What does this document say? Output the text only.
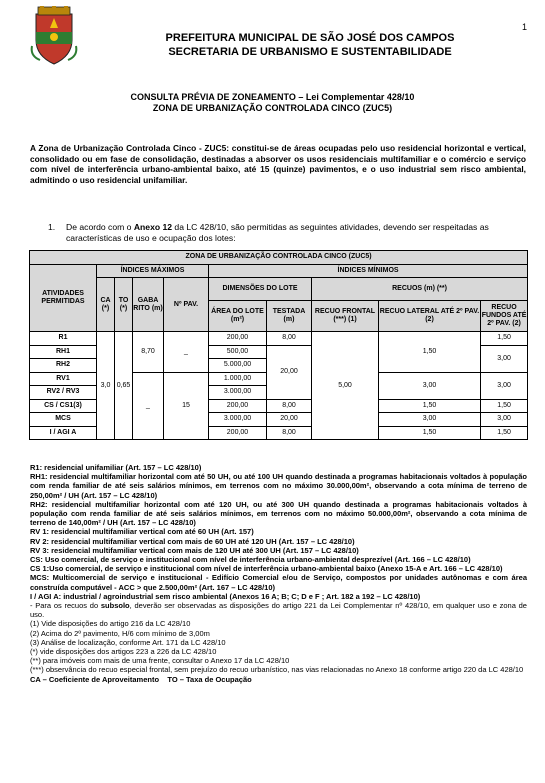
1
PREFEITURA MUNICIPAL DE SÃO JOSÉ DOS CAMPOS
SECRETARIA DE URBANISMO E SUSTENTABILIDADE
CONSULTA PRÉVIA DE ZONEAMENTO – Lei Complementar 428/10
ZONA DE URBANIZAÇÃO CONTROLADA CINCO (ZUC5)
A Zona de Urbanização Controlada Cinco - ZUC5: constitui-se de áreas ocupadas pelo uso residencial horizontal e vertical, consolidado ou em fase de consolidação, destinadas a absorver os usos residenciais multifamiliar e o comércio e serviço com nível de interferência urbano-ambiental baixo, até 15 (quinze) pavimentos, e o uso industrial sem risco ambiental, admitindo o uso residencial unifamiliar.
1. De acordo com o Anexo 12 da LC 428/10, são permitidas as seguintes atividades, devendo ser respeitadas as características de uso e ocupação dos lotes:
ZONA DE URBANIZAÇÃO CONTROLADA CINCO (ZUC5)									
ATIVIDADES PERMITIDAS	ÍNDICES MÁXIMOS				ÍNDICES MÍNIMOS				
	CA (*)	TO (*)	GABA RITO (m)	Nº PAV.	DIMENSÕES DO LOTE		RECUOS (m) (**)		
							RECUO FRONTAL (***) (1)	RECUO LATERAL ATÉ 2º PAV. (2)	RECUO FUNDOS ATÉ 2º PAV. (2)
					ÁREA DO LOTE (m²)	TESTADA (m)			
R1	3,0	0,65	8,70	_	200,00	8,00	5,00	1,50	1,50
RH1					500,00	20,00			3,00
RH2					5.000,00				
RV1			_	15	1.000,00			3,00	3,00
RV2 / RV3					3.000,00				
CS / CS1(3)					200,00	8,00		1,50	1,50
MCS					3.000,00	20,00		3,00	3,00
I / AGI A					200,00	8,00		1,50	1,50

R1: residencial unifamiliar (Art. 157 – LC 428/10)

RH1: residencial multifamiliar horizontal com até 50 UH, ou até 100 UH quando destinada a programas habitacionais voltados à população com renda familiar de até seis salários mínimos, em terrenos com no máximo 30.000,00m², observando a cota mínima de terreno de 250,00m² / UH (Art. 157 – LC 428/10)

RH2: residencial multifamiliar horizontal com até 120 UH, ou até 300 UH quando destinada a programas habitacionais voltados à população com renda familiar de até seis salários mínimos, em terrenos com no máximo 50.000,00m², observando a cota mínima de terreno de 140,00m² / UH (Art. 157 – LC 428/10)

RV 1: residencial multifamiliar vertical com até 60 UH (Art. 157)

RV 2: residencial multifamiliar vertical com mais de 60 UH até 120 UH (Art. 157 – LC 428/10)

RV 3: residencial multifamiliar vertical com mais de 120 UH até 300 UH (Art. 157 – LC 428/10)

CS: Uso comercial, de serviço e institucional com nível de interferência urbano-ambiental desprezível (Art. 166 – LC 428/10)

CS 1:Uso comercial, de serviço e institucional com nível de interferência urbano-ambiental baixo (Anexo 15-A e Art. 166 – LC 428/10)

MCS: Multicomercial de serviço e institucional - Edifício Comercial e/ou de Serviço, compostos por unidades autônomas e com área construída computável - ACC > que 2.500,00m² (Art. 167 – LC 428/10)

I / AGI A: industrial / agroindustrial sem risco ambiental (Anexos 16 A; B; C; D e F ; Art. 182 a 192 – LC 428/10)

- Para os recuos do subsolo, deverão ser observadas as disposições do artigo 221 da Lei Complementar nº 428/10, em qualquer uso e zona de uso.

(1) Vide disposições do artigo 216 da LC 428/10

(2) Acima do 2º pavimento, H/6 com mínimo de 3,00m

(3) Análise de localização, conforme Art. 171 da LC 428/10

(*) vide disposições dos artigos 223 a 226 da LC 428/10

(**) para imóveis com mais de uma frente, consultar o Anexo 17 da LC 428/10

(***) observância do recuo especial frontal, sem prejuízo do recuo urbanístico, nas vias relacionadas no Anexo 18 conforme artigo 220 da LC 428/10

CA – Coeficiente de Aproveitamento    TO – Taxa de Ocupação
